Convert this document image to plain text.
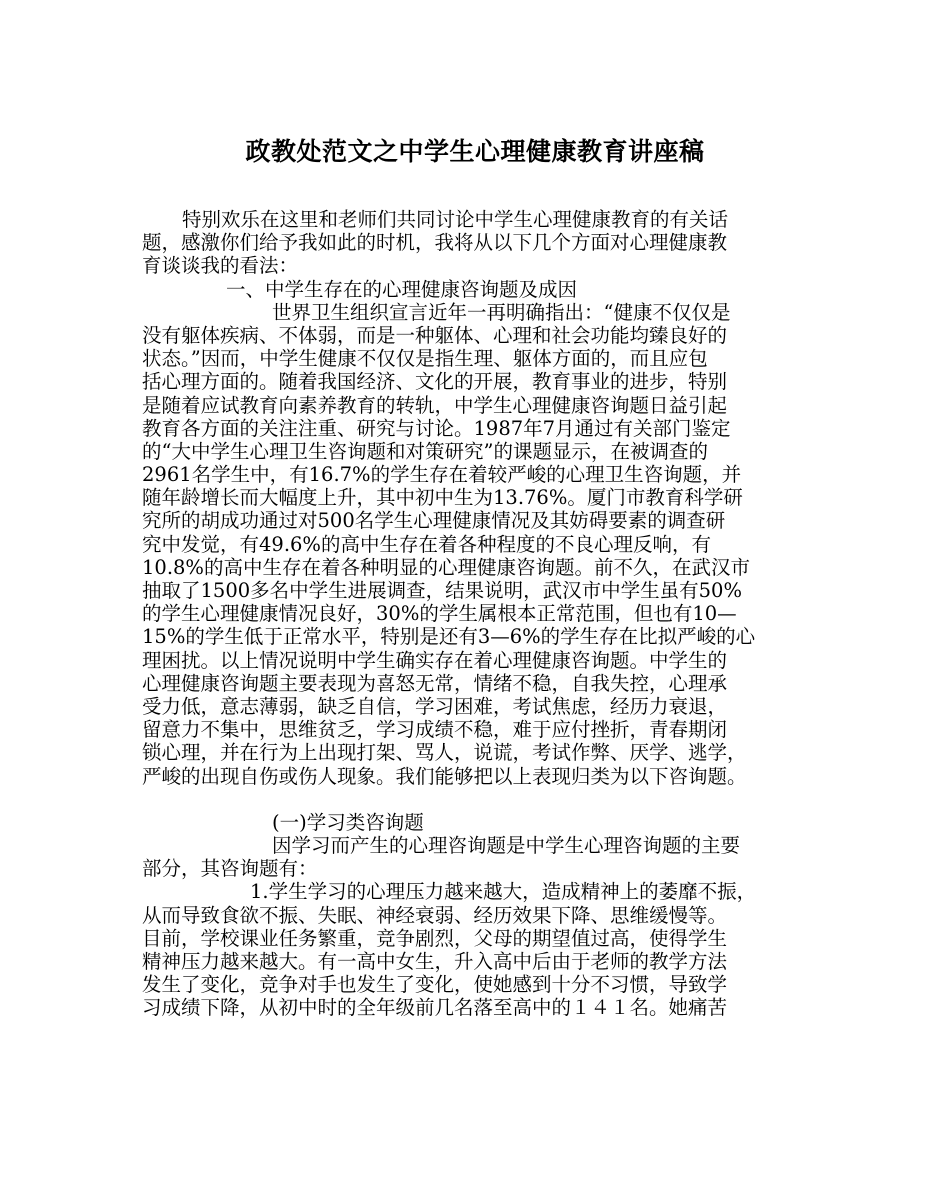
政教处范文之中学生心理健康教育讲座稿
特别欢乐在这里和老师们共同讨论中学生心理健康教育的有关话
题，感激你们给予我如此的时机，我将从以下几个方面对心理健康教
育谈谈我的看法：
一、中学生存在的心理健康咨询题及成因
世界卫生组织宣言近年一再明确指出：“健康不仅仅是
没有躯体疾病、不体弱，而是一种躯体、心理和社会功能均臻良好的
状态。”因而，中学生健康不仅仅是指生理、躯体方面的，而且应包
括心理方面的。随着我国经济、文化的开展，教育事业的进步，特别
是随着应试教育向素养教育的转轨，中学生心理健康咨询题日益引起
教育各方面的关注注重、研究与讨论。1987年7月通过有关部门鉴定
的“大中学生心理卫生咨询题和对策研究”的课题显示，在被调查的
2961名学生中，有16.7%的学生存在着较严峻的心理卫生咨询题，并
随年龄增长而大幅度上升，其中初中生为13.76%。厦门市教育科学研
究所的胡成功通过对500名学生心理健康情况及其妨碍要素的调查研
究中发觉，有49.6%的高中生存在着各种程度的不良心理反响，有
10.8%的高中生存在着各种明显的心理健康咨询题。前不久，在武汉市
抽取了1500多名中学生进展调查，结果说明，武汉市中学生虽有50%
的学生心理健康情况良好，30%的学生属根本正常范围，但也有10—
15%的学生低于正常水平，特别是还有3—6%的学生存在比拟严峻的心
理困扰。以上情况说明中学生确实存在着心理健康咨询题。中学生的
心理健康咨询题主要表现为喜怒无常，情绪不稳，自我失控，心理承
受力低，意志薄弱，缺乏自信，学习困难，考试焦虑，经历力衰退，
留意力不集中，思维贫乏，学习成绩不稳，难于应付挫折，青春期闭
锁心理，并在行为上出现打架、骂人，说谎，考试作弊、厌学、逃学，
严峻的出现自伤或伤人现象。我们能够把以上表现归类为以下咨询题。
(一)学习类咨询题
因学习而产生的心理咨询题是中学生心理咨询题的主要
部分，其咨询题有：
1.学生学习的心理压力越来越大，造成精神上的萎靡不振，
从而导致食欲不振、失眠、神经衰弱、经历效果下降、思维缓慢等。
目前，学校课业任务繁重，竞争剧烈，父母的期望值过高，使得学生
精神压力越来越大。有一高中女生，升入高中后由于老师的教学方法
发生了变化，竞争对手也发生了变化，使她感到十分不习惯，导致学
习成绩下降，从初中时的全年级前几名落至高中的１４１名。她痛苦
